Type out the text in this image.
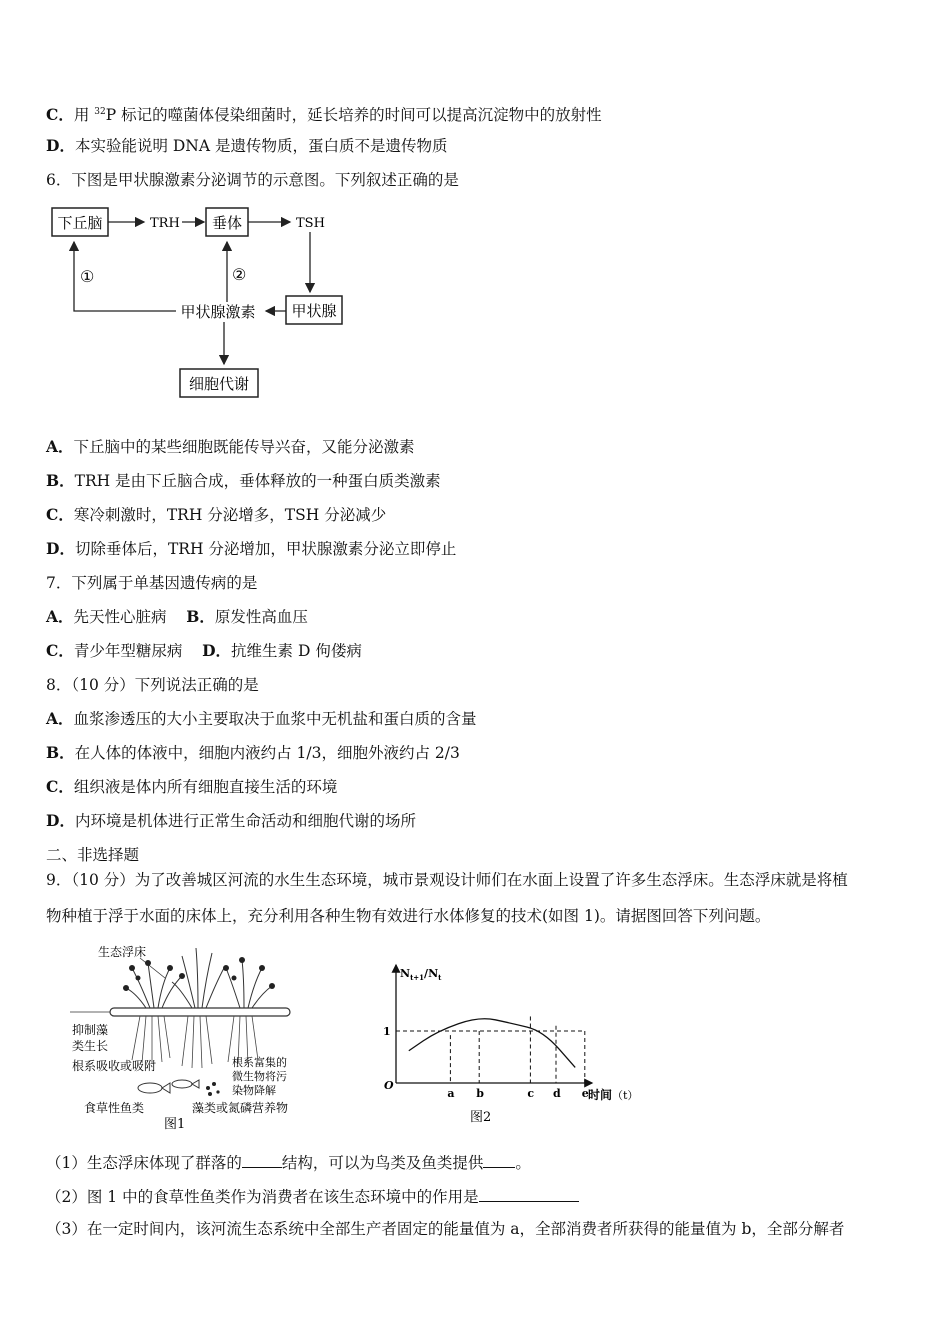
C．用 $^{32}$P 标记的噬菌体侵染细菌时，延长培养的时间可以提高沉淀物中的放射性
D．本实验能说明 DNA 是遗传物质，蛋白质不是遗传物质
6．下图是甲状腺激素分泌调节的示意图。下列叙述正确的是
下丘脑	TRH 垂体	TSH
甲状腺
甲状腺激素
①	②
细胞代谢
A．下丘脑中的某些细胞既能传导兴奋，又能分泌激素
B．TRH 是由下丘脑合成，垂体释放的一种蛋白质类激素
C．寒冷刺激时，TRH 分泌增多，TSH 分泌减少
D．切除垂体后，TRH 分泌增加，甲状腺激素分泌立即停止
7．下列属于单基因遗传病的是
A．先天性心脏病 B．原发性高血压
C．青少年型糖尿病 D．抗维生素 D 佝偻病
8．（10 分）下列说法正确的是
A．血浆渗透压的大小主要取决于血浆中无机盐和蛋白质的含量
B．在人体的体液中，细胞内液约占 1/3，细胞外液约占 2/3
C．组织液是体内所有细胞直接生活的环境
D．内环境是机体进行正常生命活动和细胞代谢的场所
二、非选择题
9．（10 分）为了改善城区河流的水生生态环境，城市景观设计师们在水面上设置了许多生态浮床。生态浮床就是将植
物种植于浮于水面的床体上，充分利用各种生物有效进行水体修复的技术(如图 1)。请据图回答下列问题。
生态浮床
抑制藻
类生长
根系吸收或吸附
食草性鱼类	藻类或氮磷营养物
根系富集的
微生物将污
染物降解
图1
$N_{t+1}/N_t$
O
1
a b	c d e 时间（t）
图2
（1）生态浮床体现了群落的	结构，可以为鸟类及鱼类提供 。
（2）图 1 中的食草性鱼类作为消费者在该生态环境中的作用是
（3）在一定时间内，该河流生态系统中全部生产者固定的能量值为 a，全部消费者所获得的能量值为 b，全部分解者
